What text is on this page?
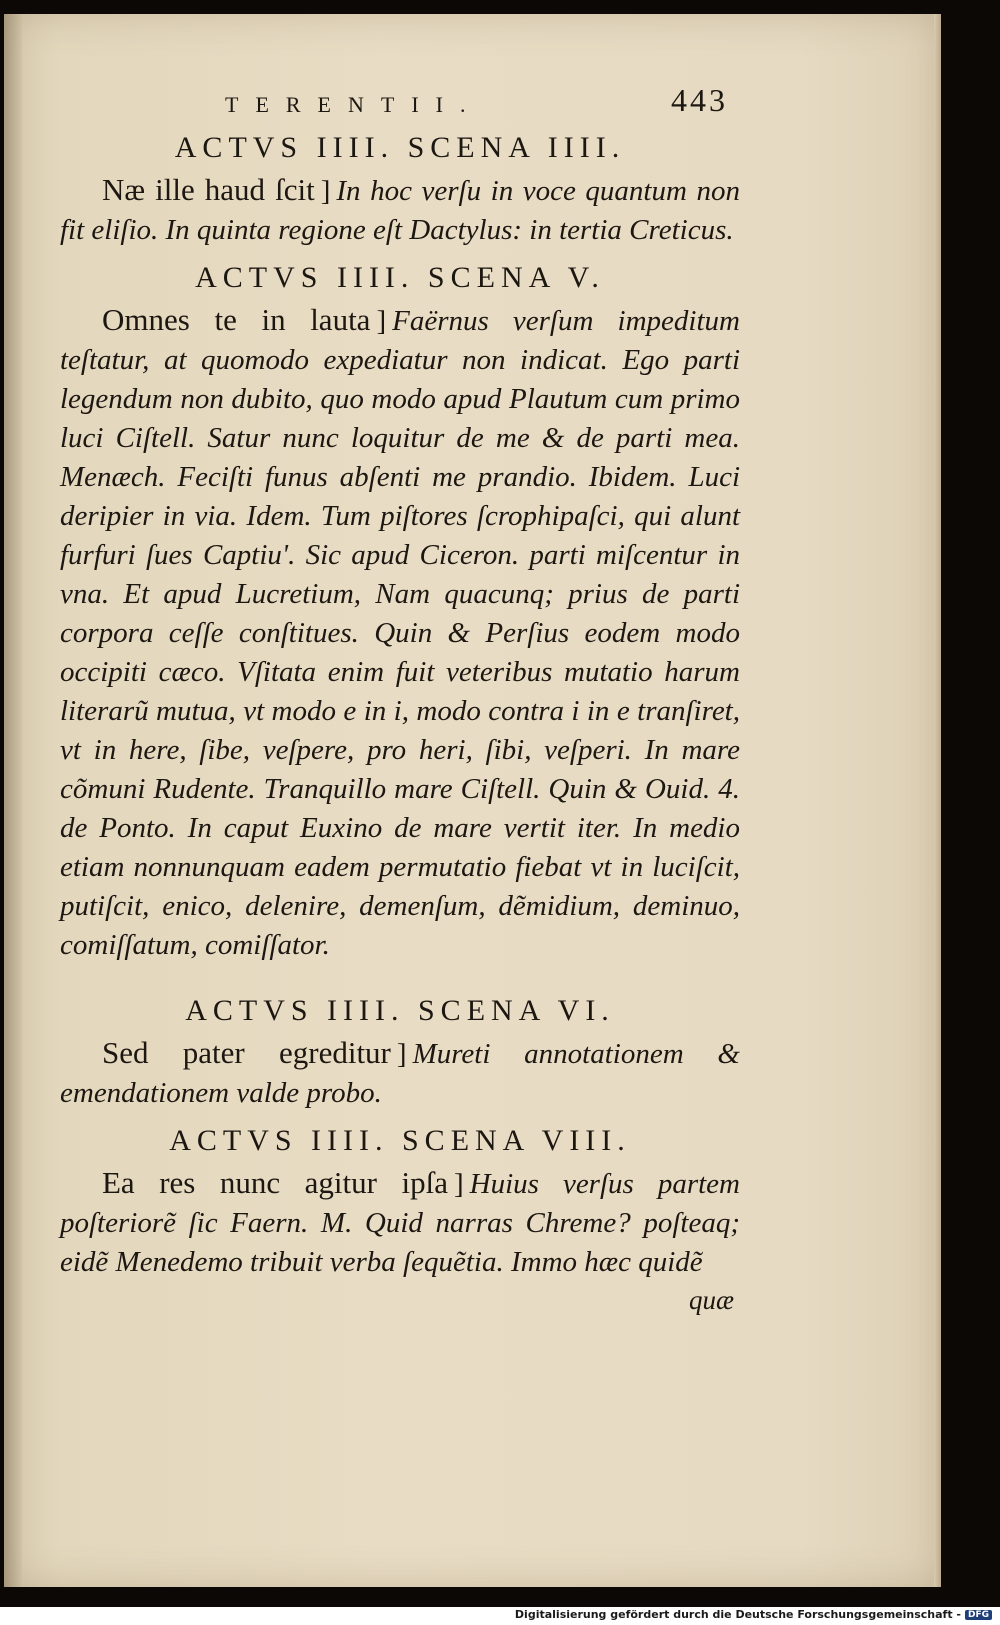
TERENTII.	443
ACTVS IIII. SCENA IIII.

Næ ille haud ſcit ] In hoc verſu in voce quantum non fit eliſio. In quinta regione eſt Dactylus: in tertia Creticus.

ACTVS IIII. SCENA V.

Omnes te in lauta ] Faërnus verſum impeditum teſtatur, at quomodo expediatur non indicat. Ego parti legendum non dubito, quo modo apud Plautum cum primo luci Ciſtell. Satur nunc loquitur de me & de parti mea. Menæch. Feciſti funus abſenti me prandio. Ibidem. Luci deripier in via. Idem. Tum piſtores ſcrophipaſci, qui alunt furfuri ſues Captiu'. Sic apud Ciceron. parti miſcentur in vna. Et apud Lucretium, Nam quacunq; prius de parti corpora ceſſe conſtitues. Quin & Perſius eodem modo occipiti cæco. Vſitata enim fuit veteribus mutatio harum literarũ mutua, vt modo e in i, modo contra i in e tranſiret, vt in here, ſibe, veſpere, pro heri, ſibi, veſperi. In mare cõmuni Rudente. Tranquillo mare Ciſtell. Quin & Ouid. 4. de Ponto. In caput Euxino de mare vertit iter. In medio etiam nonnunquam eadem permutatio fiebat vt in luciſcit, putiſcit, enico, delenire, demenſum, dẽmidium, deminuo, comiſſatum, comiſſator.

ACTVS IIII. SCENA VI.

Sed pater egreditur ] Mureti annotationem & emendationem valde probo.

ACTVS IIII. SCENA VIII.

Ea res nunc agitur ipſa ] Huius verſus partem poſteriorẽ ſic Faern. M. Quid narras Chreme? poſteaq; eidẽ Menedemo tribuit verba ſequẽtia. Immo hæc quidẽ

quæ
Digitalisierung gefördert durch die Deutsche Forschungsgemeinschaft - DFG
